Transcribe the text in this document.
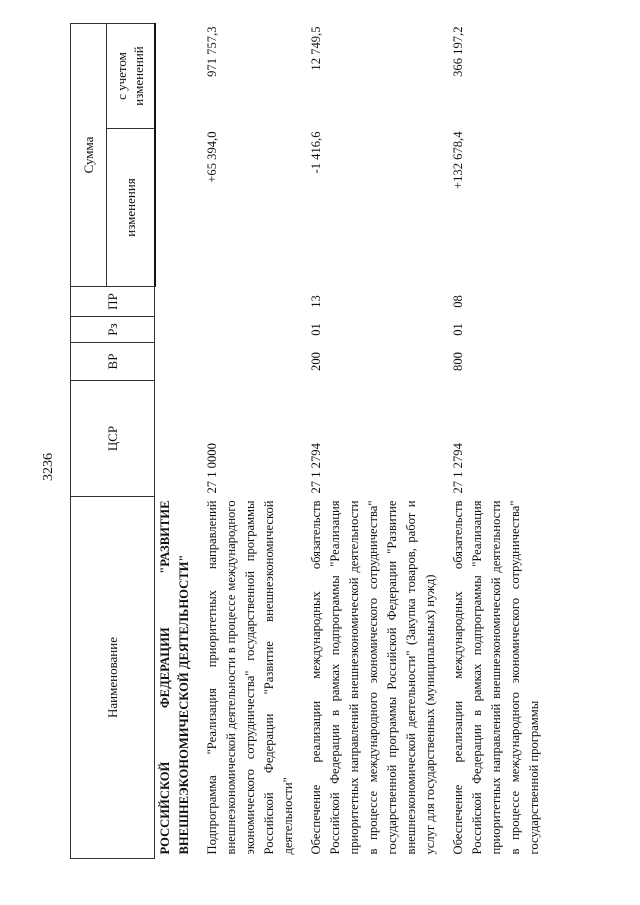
3236
Наименование	ЦСР	ВР	Рз	ПР	Сумма	
					изменения	с учетом изменений
РОССИЙСКОЙ ФЕДЕРАЦИИ "РАЗВИТИЕ ВНЕШНЕЭКОНОМИЧЕСКОЙ ДЕЯТЕЛЬНОСТИ"						
Подпрограмма "Реализация приоритетных направлений внешнеэкономической деятельности в процессе международного экономического сотрудничества" государственной программы Российской Федерации "Развитие внешнеэкономической деятельности"	27 1 0000				+65 394,0	971 757,3
Обеспечение реализации международных обязательств Российской Федерации в рамках подпрограммы "Реализация приоритетных направлений внешнеэкономической деятельности в процессе международного экономического сотрудничества" государственной программы Российской Федерации "Развитие внешнеэкономической деятельности" (Закупка товаров, работ и услуг для государственных (муниципальных) нужд)	27 1 2794	200	01	13	-1 416,6	12 749,5
Обеспечение реализации международных обязательств Российской Федерации в рамках подпрограммы "Реализация приоритетных направлений внешнеэкономической деятельности в процессе международного экономического сотрудничества" государственной программы	27 1 2794	800	01	08	+132 678,4	366 197,2
